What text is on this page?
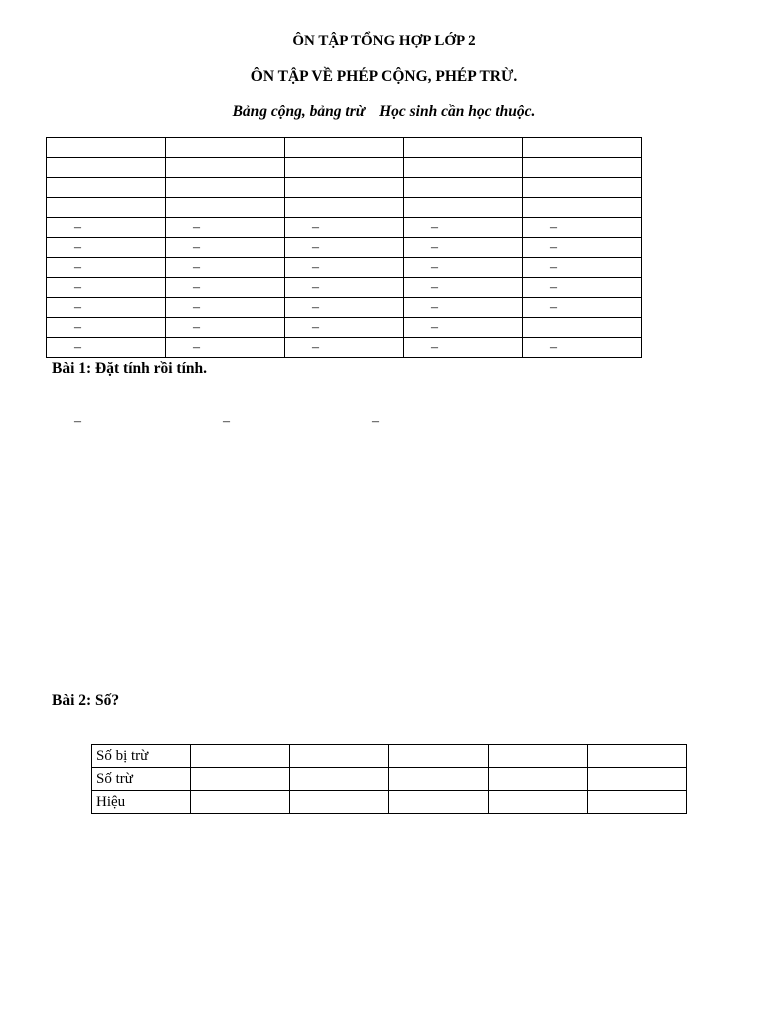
ÔN TẬP TỔNG HỢP LỚP 2
ÔN TẬP VỀ PHÉP CỘNG, PHÉP TRỪ.
Bảng cộng, bảng trừ Học sinh cần học thuộc.

–	–	–	–	–
–	–	–	–	–
–	–	–	–	–
–	–	–	–	–
–	–	–	–	–
–	–	–	–	
–	–	–	–	–
Bài 1: Đặt tính rồi tính.
–	–	–
Bài 2: Số?
Số bị trừ					
Số trừ					
Hiệu					
